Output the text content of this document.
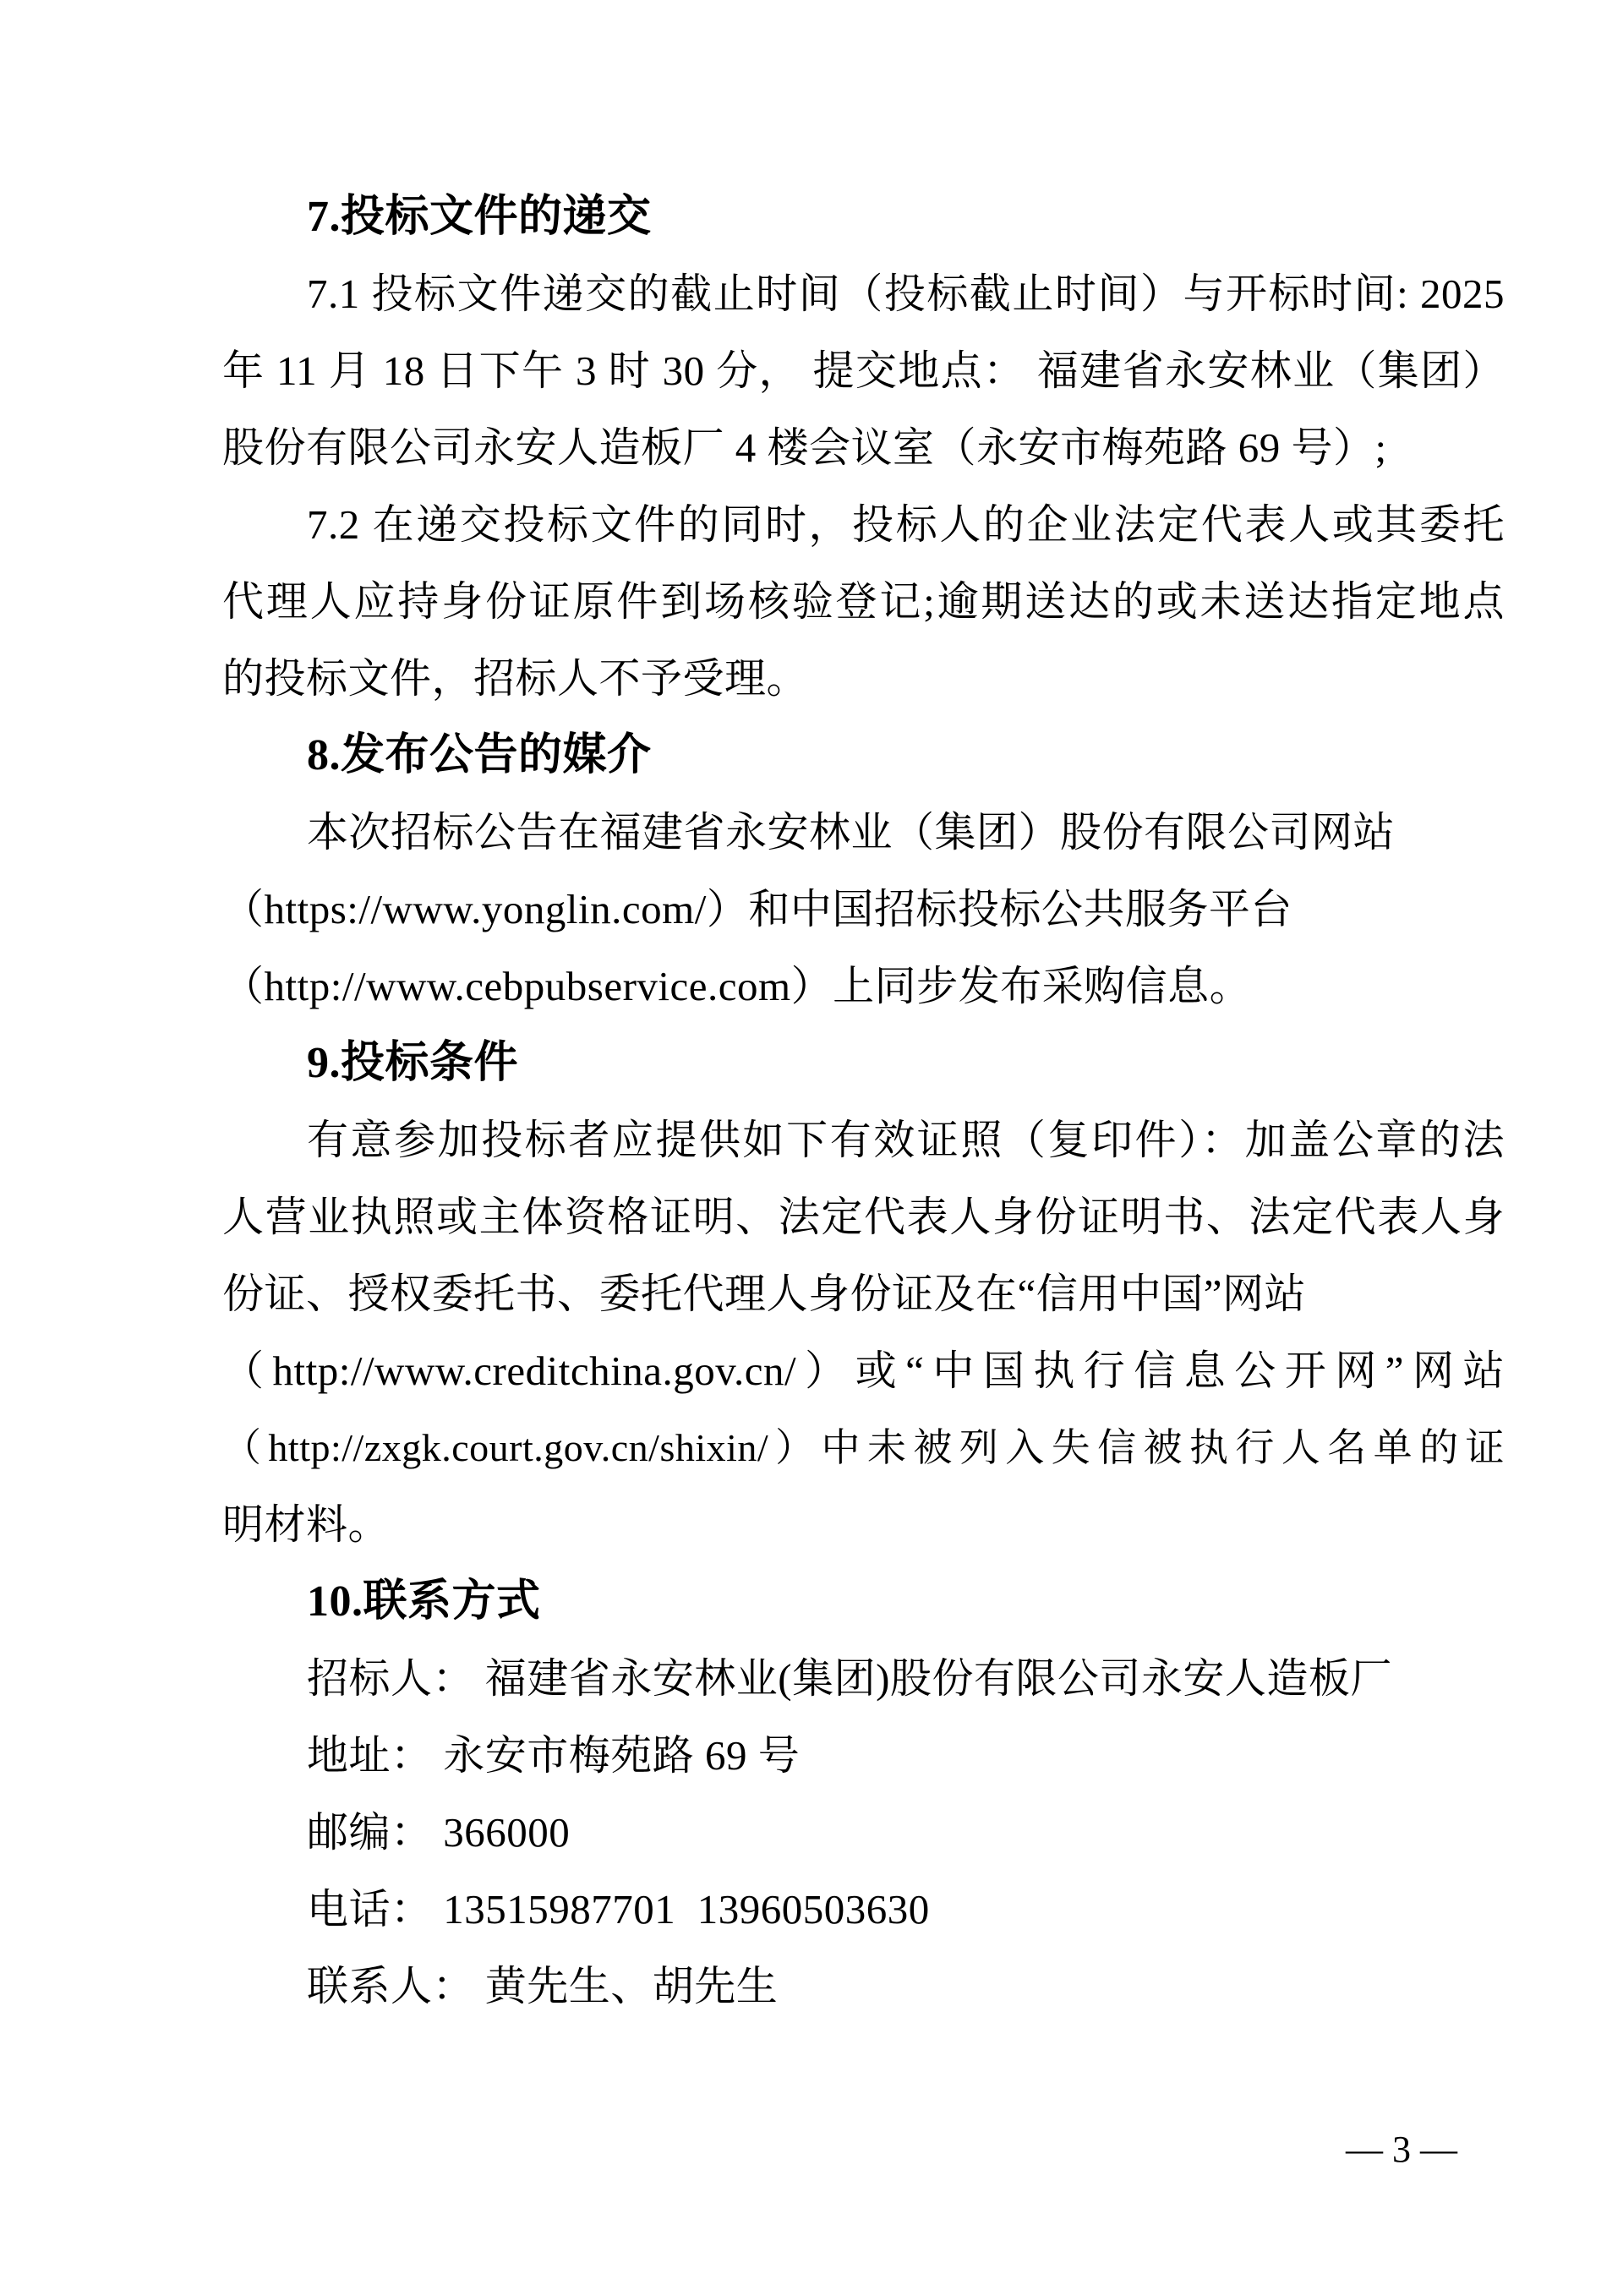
7.投标文件的递交
7.1 投标文件递交的截止时间（投标截止时间）与开标时间: 2025
年 11 月 18 日下午 3 时 30 分， 提交地点： 福建省永安林业（集团）
股份有限公司永安人造板厂 4 楼会议室（永安市梅苑路 69 号）;
7.2 在递交投标文件的同时，投标人的企业法定代表人或其委托
代理人应持身份证原件到场核验登记;逾期送达的或未送达指定地点
的投标文件，招标人不予受理。
8.发布公告的媒介
本次招标公告在福建省永安林业（集团）股份有限公司网站
（https://www.yonglin.com/）和中国招标投标公共服务平台
（http://www.cebpubservice.com）上同步发布采购信息。
9.投标条件
有意参加投标者应提供如下有效证照（复印件）：加盖公章的法
人营业执照或主体资格证明、法定代表人身份证明书、法定代表人身
份证、授权委托书、委托代理人身份证及在“信用中国”网站
（http://www.creditchina.gov.cn/）或“中国执行信息公开网”网站
（http://zxgk.court.gov.cn/shixin/）中未被列入失信被执行人名单的证
明材料。
10.联系方式
招标人： 福建省永安林业(集团)股份有限公司永安人造板厂
地址： 永安市梅苑路 69 号
邮编： 366000
电话： 13515987701  13960503630
联系人： 黄先生、胡先生
— 3 —
